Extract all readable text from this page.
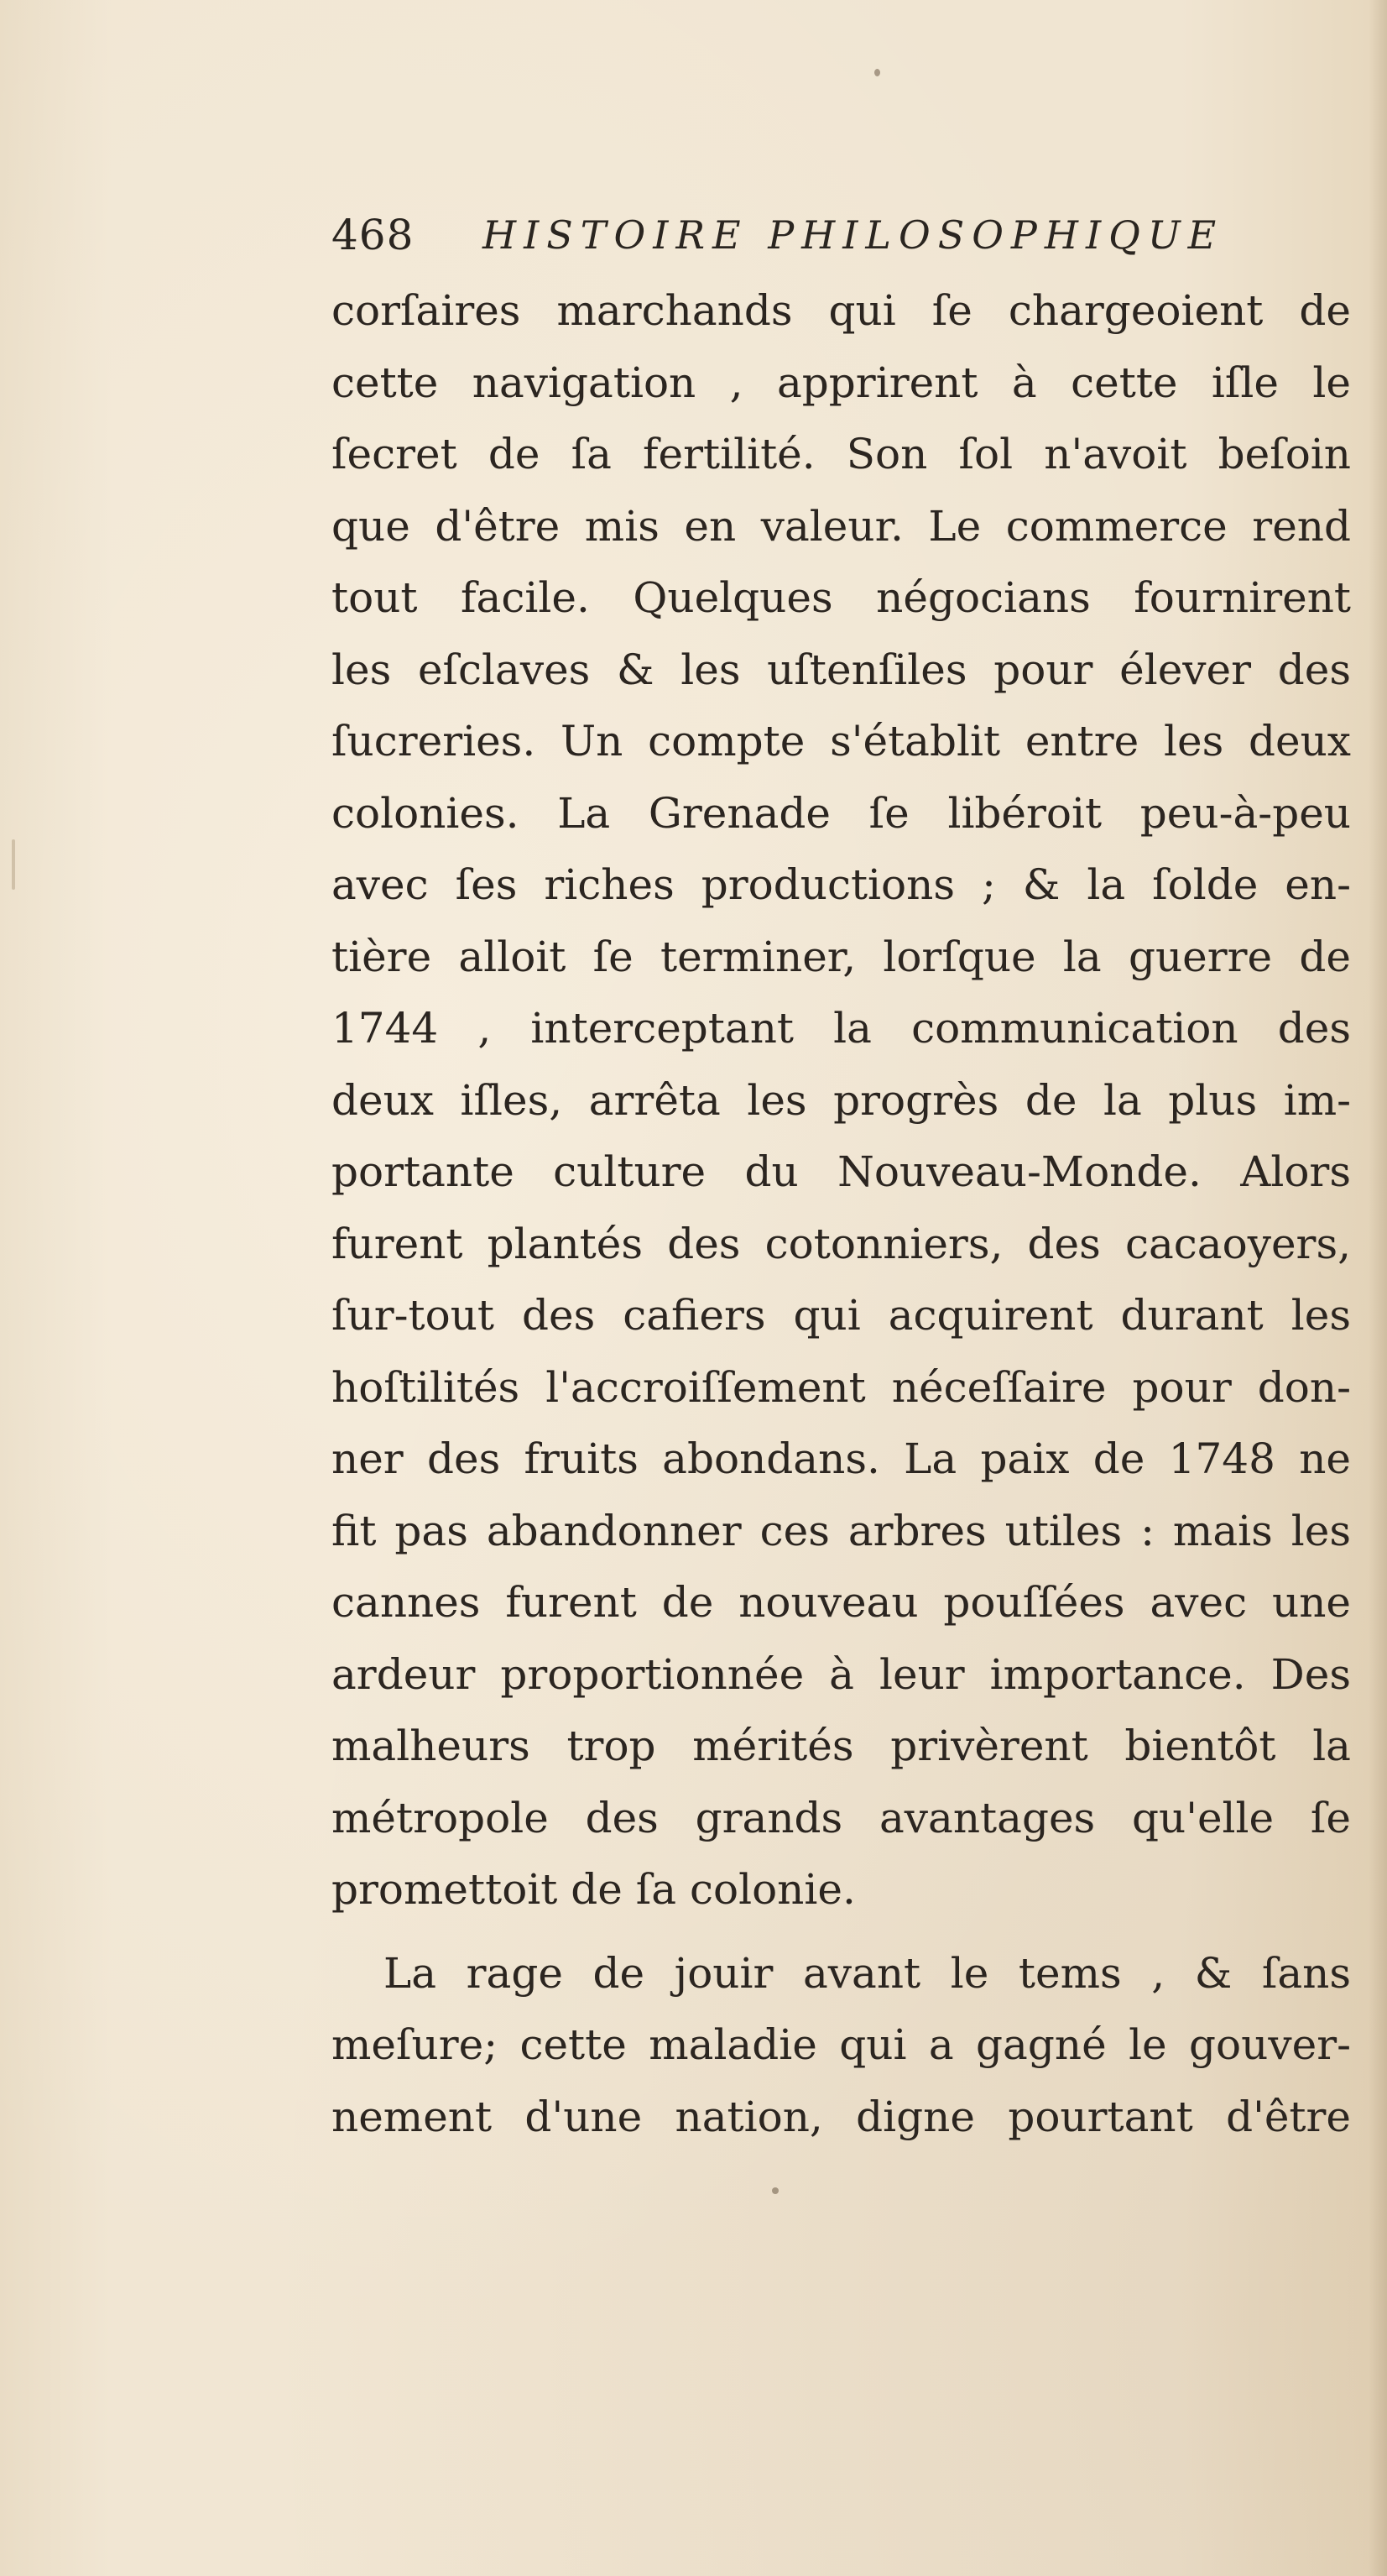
468 HISTOIRE PHILOSOPHIQUE
corſaires marchands qui ſe chargeoient de
cette navigation , apprirent à cette iſle le
ſecret de ſa fertilité. Son ſol n'avoit beſoin
que d'être mis en valeur. Le commerce rend
tout facile. Quelques négocians fournirent
les eſclaves & les uſtenſiles pour élever des
ſucreries. Un compte s'établit entre les deux
colonies. La Grenade ſe libéroit peu-à-peu
avec ſes riches productions ; & la ſolde en-
tière alloit ſe terminer, lorſque la guerre de
1744 , interceptant la communication des
deux iſles, arrêta les progrès de la plus im-
portante culture du Nouveau-Monde. Alors
furent plantés des cotonniers, des cacaoyers,
ſur-tout des cafiers qui acquirent durant les
hoſtilités l'accroiſſement néceſſaire pour don-
ner des fruits abondans. La paix de 1748 ne
fit pas abandonner ces arbres utiles : mais les
cannes furent de nouveau pouſſées avec une
ardeur proportionnée à leur importance. Des
malheurs trop mérités privèrent bientôt la
métropole des grands avantages qu'elle ſe
promettoit de ſa colonie.
La rage de jouir avant le tems , & ſans
meſure; cette maladie qui a gagné le gouver-
nement d'une nation, digne pourtant d'être
